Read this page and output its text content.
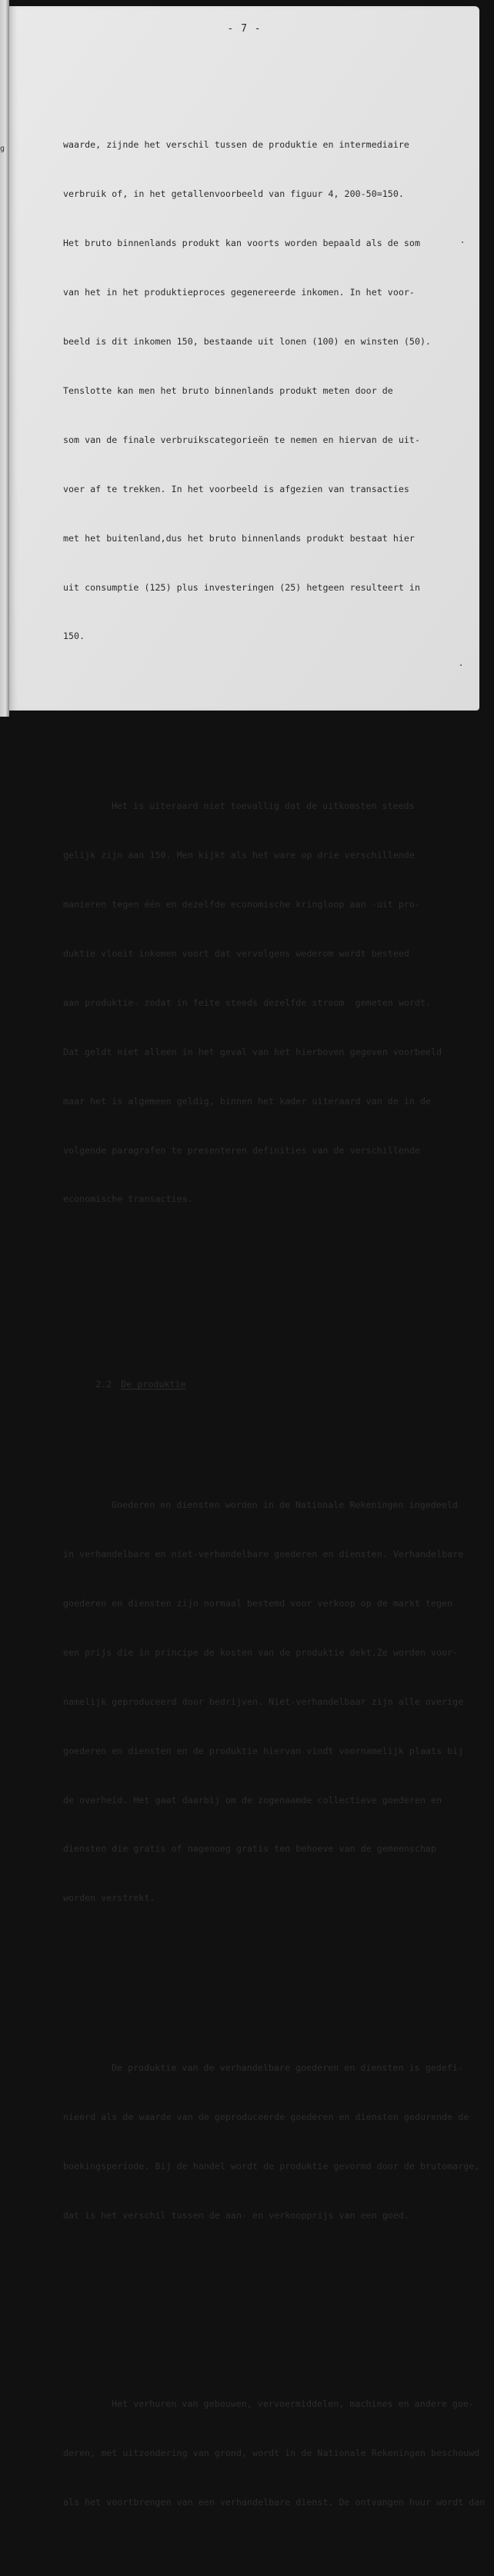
g
- 7 -

waarde, zijnde het verschil tussen de produktie en intermediaire

verbruik of, in het getallenvoorbeeld van figuur 4, 200-50=150.

Het bruto binnenlands produkt kan voorts worden bepaald als de som

van het in het produktieproces gegenereerde inkomen. In het voor-

beeld is dit inkomen 150, bestaande uit lonen (100) en winsten (50).

Tenslotte kan men het bruto binnenlands produkt meten door de

som van de finale verbruikscategorieën te nemen en hiervan de uit-

voer af te trekken. In het voorbeeld is afgezien van transacties

met het buitenland,dus het bruto binnenlands produkt bestaat hier

uit consumptie (125) plus investeringen (25) hetgeen resulteert in

150.

Het is uiteraard niet toevallig dat de uitkomsten steeds

gelijk zijn aan 150. Men kijkt als het ware op drie verschillende

manieren tegen één en dezelfde economische kringloop aan -uit pro-

duktie vloeit inkomen voort dat vervolgens wederom wordt besteed

aan produktie- zodat in feite steeds dezelfde stroom  gemeten wordt.

Dat geldt niet alleen in het geval van het hierboven gegeven voorbeeld

maar het is algemeen geldig, binnen het kader uiteraard van de in de

volgende paragrafen te presenteren definities van de verschillende

economische transacties.

2.2 De produktie

Goederen en diensten worden in de Nationale Rekeningen ingedeeld

in verhandelbare en niet-verhandelbare goederen en diensten. Verhandelbare

goederen en diensten zijn normaal bestemd voor verkoop op de markt tegen

een prijs die in principe de kosten van de produktie dekt.Ze worden voor-

namelijk geproduceerd door bedrijven. Niet-verhandelbaar zijn alle overige

goederen en diensten en de produktie hiervan vindt voornamelijk plaats bij

de overheid. Het gaat daarbij om de zogenaamde collectieve goederen en

diensten die gratis of nagenoeg gratis ten behoeve van de gemeenschap

worden verstrekt.

De produktie van de verhandelbare goederen en diensten is gedefi-

nieerd als de waarde van de geproduceerde goederen en diensten gedurende de

boekingsperiode. Bij de handel wordt de produktie gevormd door de brutomarge,

dat is het verschil tussen de aan- en verkoopprijs van een goed.

Het verhuren van gebouwen, vervoermiddelen, machines en andere goe-

deren, met uitzondering van grond, wordt in de Nationale Rekeningen beschouwd

als het voortbrengen van een verhandelbare dienst. De ontvangen huur wordt dan
